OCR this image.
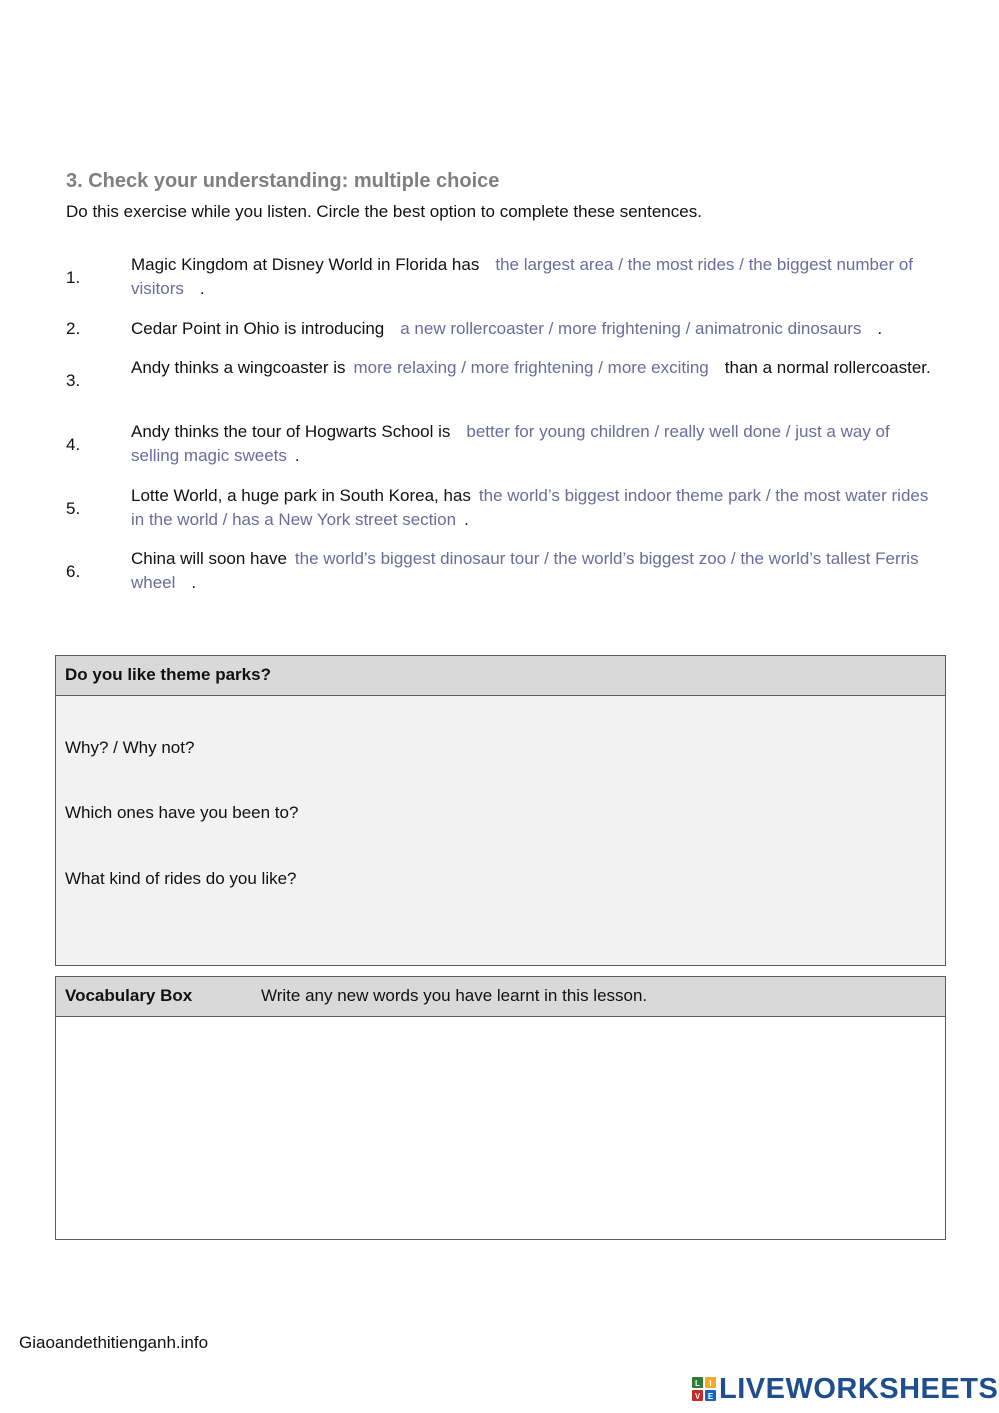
3. Check your understanding: multiple choice
Do this exercise while you listen. Circle the best option to complete these sentences.
1.
Magic Kingdom at Disney World in Florida has the largest area / the most rides / the biggest number of visitors .
2.	Cedar Point in Ohio is introducing a new rollercoaster / more frightening / animatronic dinosaurs .
3.
Andy thinks a wingcoaster is more relaxing / more frightening / more exciting than a normal rollercoaster.
4.
Andy thinks the tour of Hogwarts School is better for young children / really well done / just a way of selling magic sweets .
5.
Lotte World, a huge park in South Korea, has the world’s biggest indoor theme park / the most water rides in the world / has a New York street section .
6.
China will soon have the world’s biggest dinosaur tour / the world’s biggest zoo / the world’s tallest Ferris wheel .
Do you like theme parks?
Why? / Why not?
Which ones have you been to?
What kind of rides do you like?
Vocabulary Box	Write any new words you have learnt in this lesson.
Giaoandethitienganh.info
L I
V E LIVEWORKSHEETS
